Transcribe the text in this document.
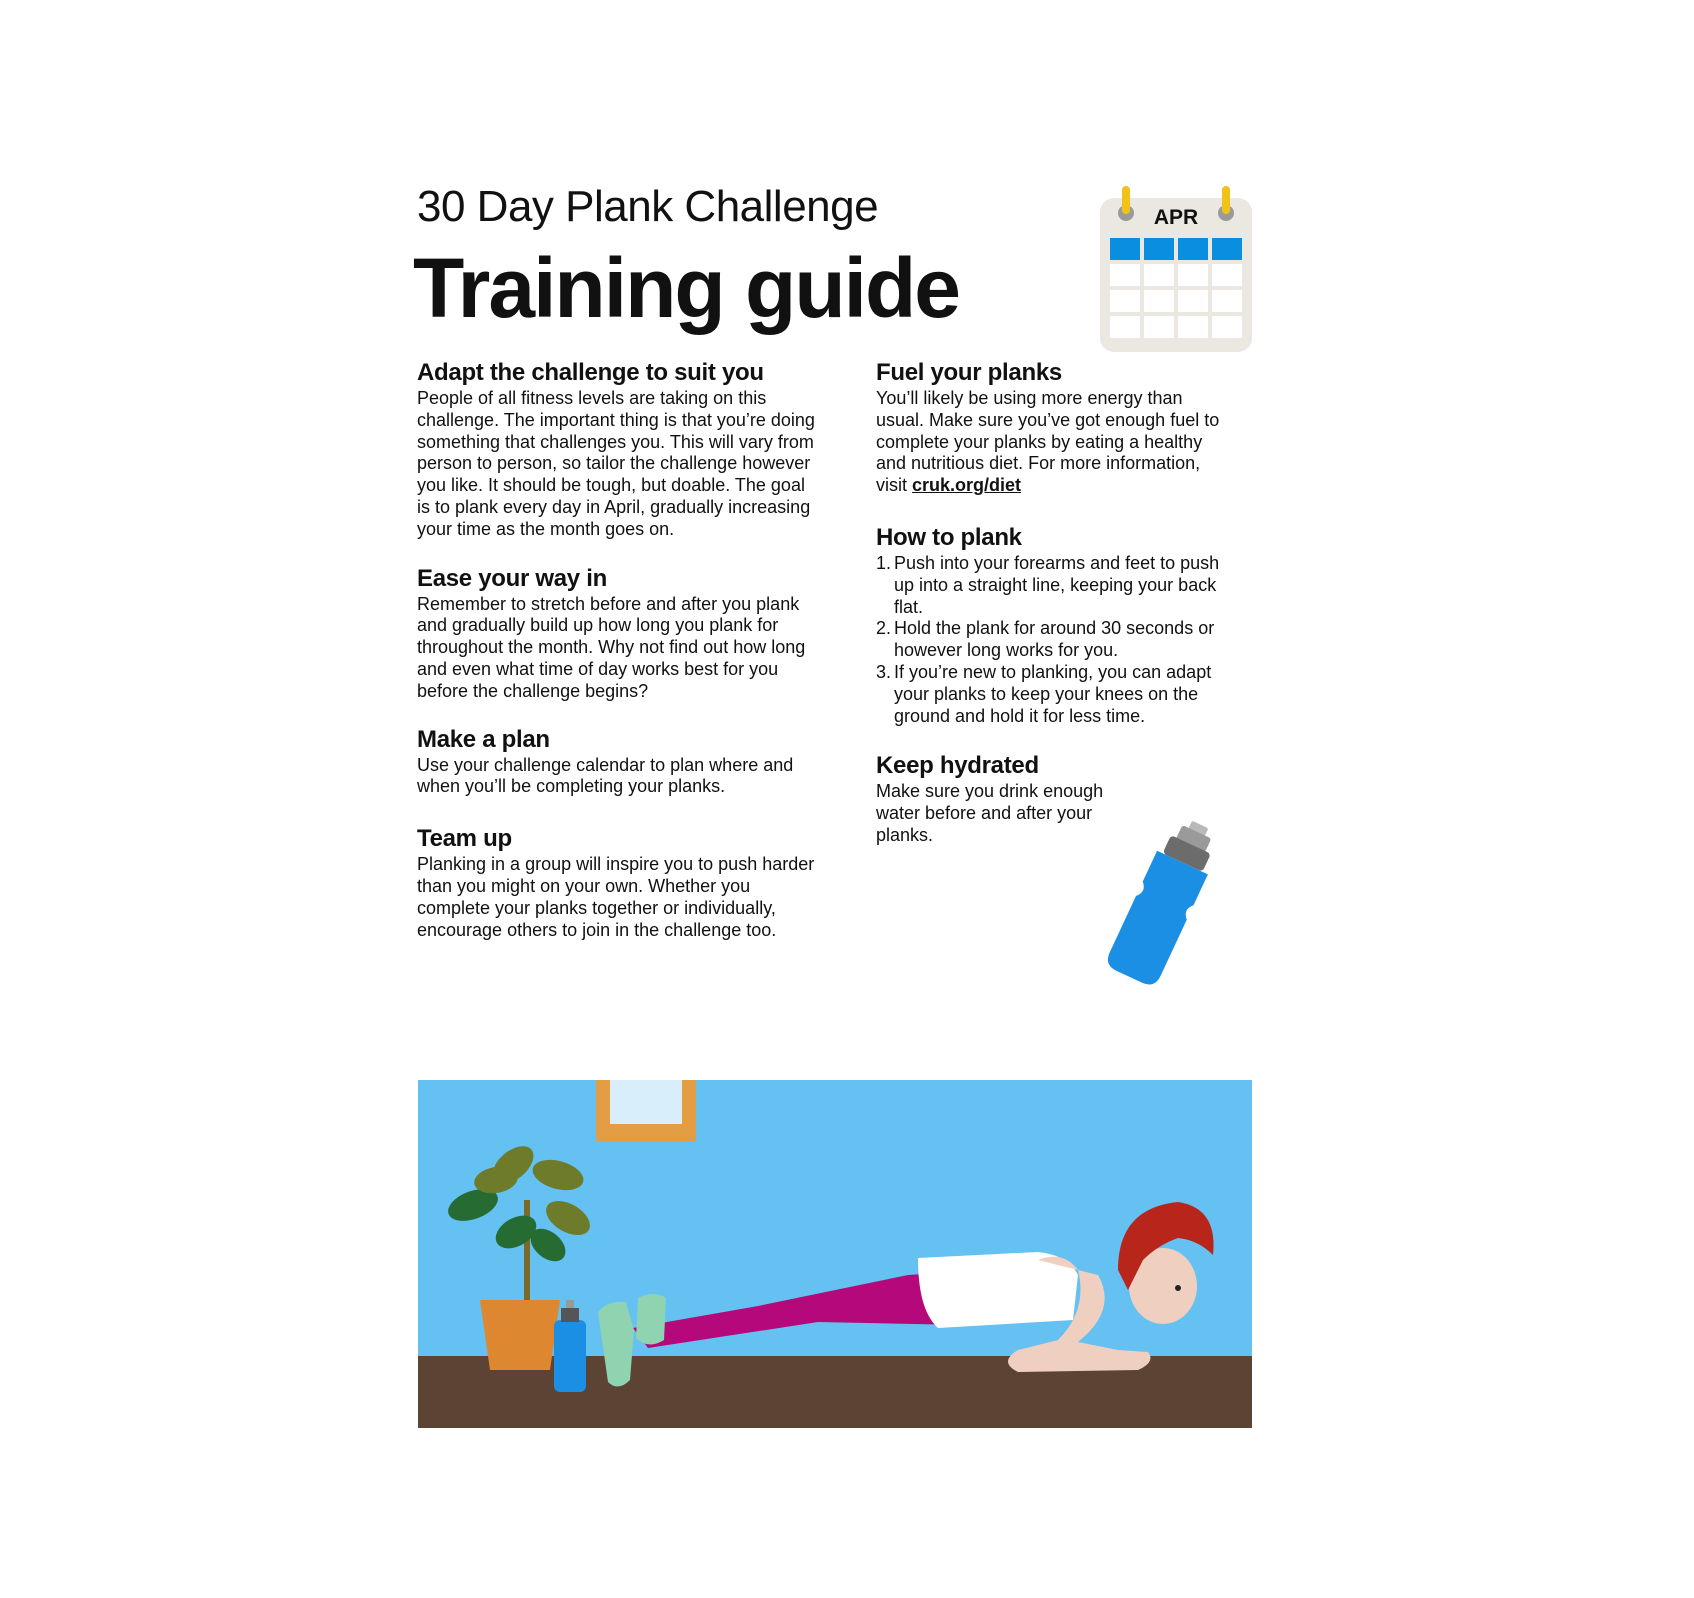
30 Day Plank Challenge
Training guide
APR
Adapt the challenge to suit you

People of all fitness levels are taking on this challenge. The important thing is that you’re doing something that challenges you. This will vary from person to person, so tailor the challenge however you like. It should be tough, but doable. The goal is to plank every day in April, gradually increasing your time as the month goes on.

Ease your way in

Remember to stretch before and after you plank and gradually build up how long you plank for throughout the month. Why not find out how long and even what time of day works best for you before the challenge begins?

Make a plan

Use your challenge calendar to plan where and when you’ll be completing your planks.

Team up

Planking in a group will inspire you to push harder than you might on your own. Whether you complete your planks together or individually, encourage others to join in the challenge too.

Fuel your planks

You’ll likely be using more energy than usual. Make sure you’ve got enough fuel to complete your planks by eating a healthy and nutritious diet. For more information, visit cruk.org/diet

How to plank
1. Push into your forearms and feet to push up into a straight line, keeping your back flat.
2. Hold the plank for around 30 seconds or however long works for you.
3. If you’re new to planking, you can adapt your planks to keep your knees on the ground and hold it for less time.
Keep hydrated

Make sure you drink enough water before and after your planks.
